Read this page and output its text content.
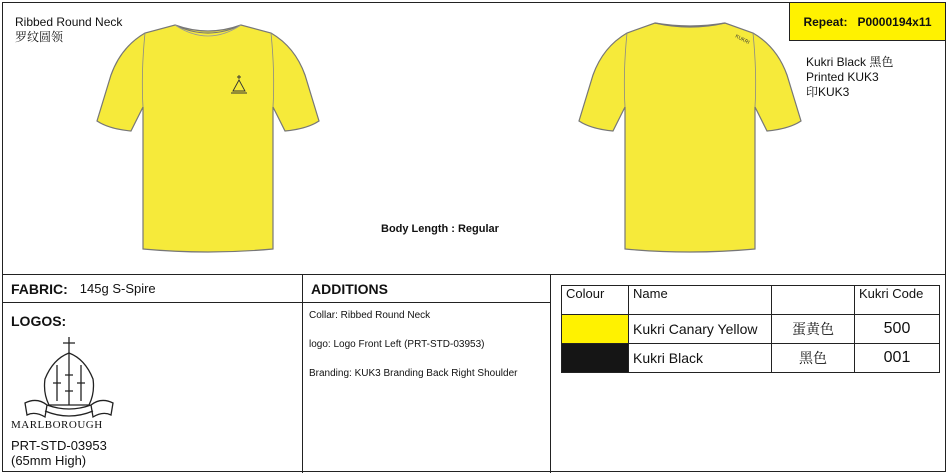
Ribbed Round Neck
罗纹圆领	KUKRI
Body Length : Regular
Repeat: P0000194x11
Kukri Black 黑色
Printed KUK3
印KUK3
FABRIC: 145g S-Spire
LOGOS:
MARLBOROUGH
PRT-STD-03953
(65mm High)
ADDITIONS
Collar: Ribbed Round Neck
logo: Logo Front Left (PRT-STD-03953)
Branding: KUK3 Branding Back Right Shoulder
Colour	Name		Kukri Code

	Kukri Canary Yellow	蛋黄色	500

	Kukri Black	黑色	001
